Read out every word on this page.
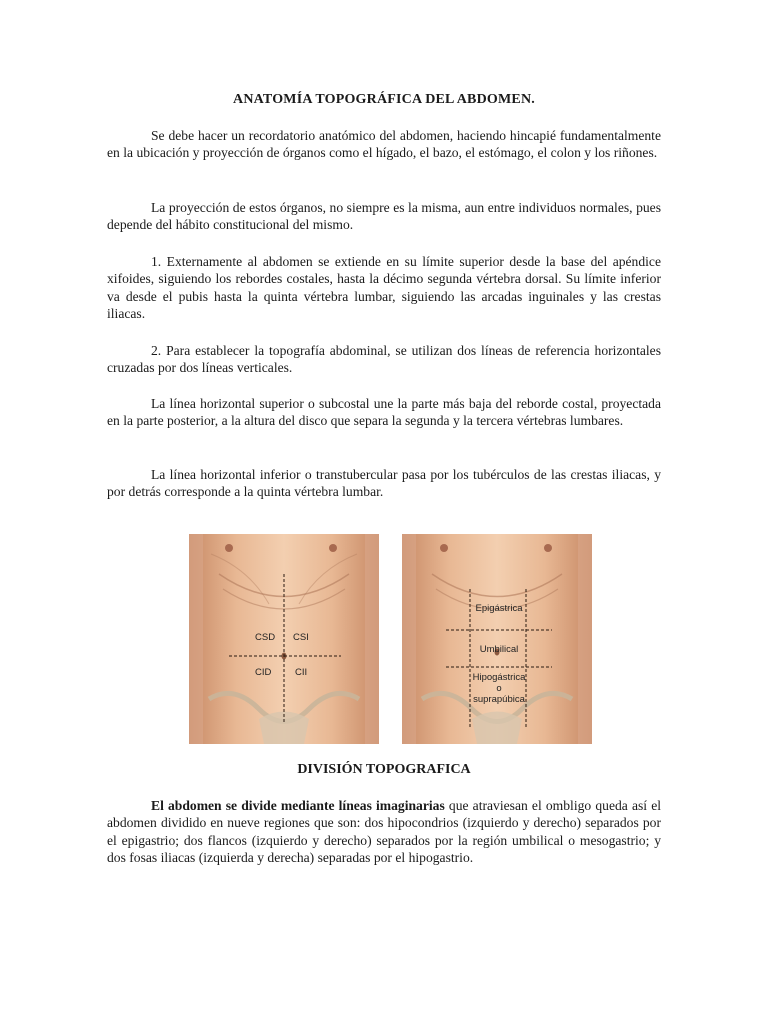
ANATOMÍA TOPOGRÁFICA DEL ABDOMEN.
Se debe hacer un recordatorio anatómico del abdomen, haciendo hincapié fundamentalmente en la ubicación y proyección de órganos como el hígado, el bazo, el estómago, el colon y los riñones.
La proyección de estos órganos, no siempre es la misma, aun entre individuos normales, pues depende del hábito constitucional del mismo.
1. Externamente al abdomen se extiende en su límite superior desde la base del apéndice xifoides, siguiendo los rebordes costales, hasta la décimo segunda vértebra dorsal. Su límite inferior va desde el pubis hasta la quinta vértebra lumbar, siguiendo las arcadas inguinales y las crestas iliacas.
2. Para establecer la topografía abdominal, se utilizan dos líneas de referencia horizontales cruzadas por dos líneas verticales.
La línea horizontal superior o subcostal une la parte más baja del reborde costal, proyectada en la parte posterior, a la altura del disco que separa la segunda y la tercera vértebras lumbares.
La línea horizontal inferior o transtubercular pasa por los tubérculos de las crestas iliacas, y por detrás corresponde a la quinta vértebra lumbar.
CSD CSI
CID CII
Epigástrica
Umbilical
Hipogástrica
o
suprapúbica
DIVISIÓN TOPOGRAFICA
El abdomen se divide mediante líneas imaginarias que atraviesan el ombligo queda así el abdomen dividido en nueve regiones que son: dos hipocondrios (izquierdo y derecho) separados por el epigastrio; dos flancos (izquierdo y derecho) separados por la región umbilical o mesogastrio; y dos fosas iliacas (izquierda y derecha) separadas por el hipogastrio.
